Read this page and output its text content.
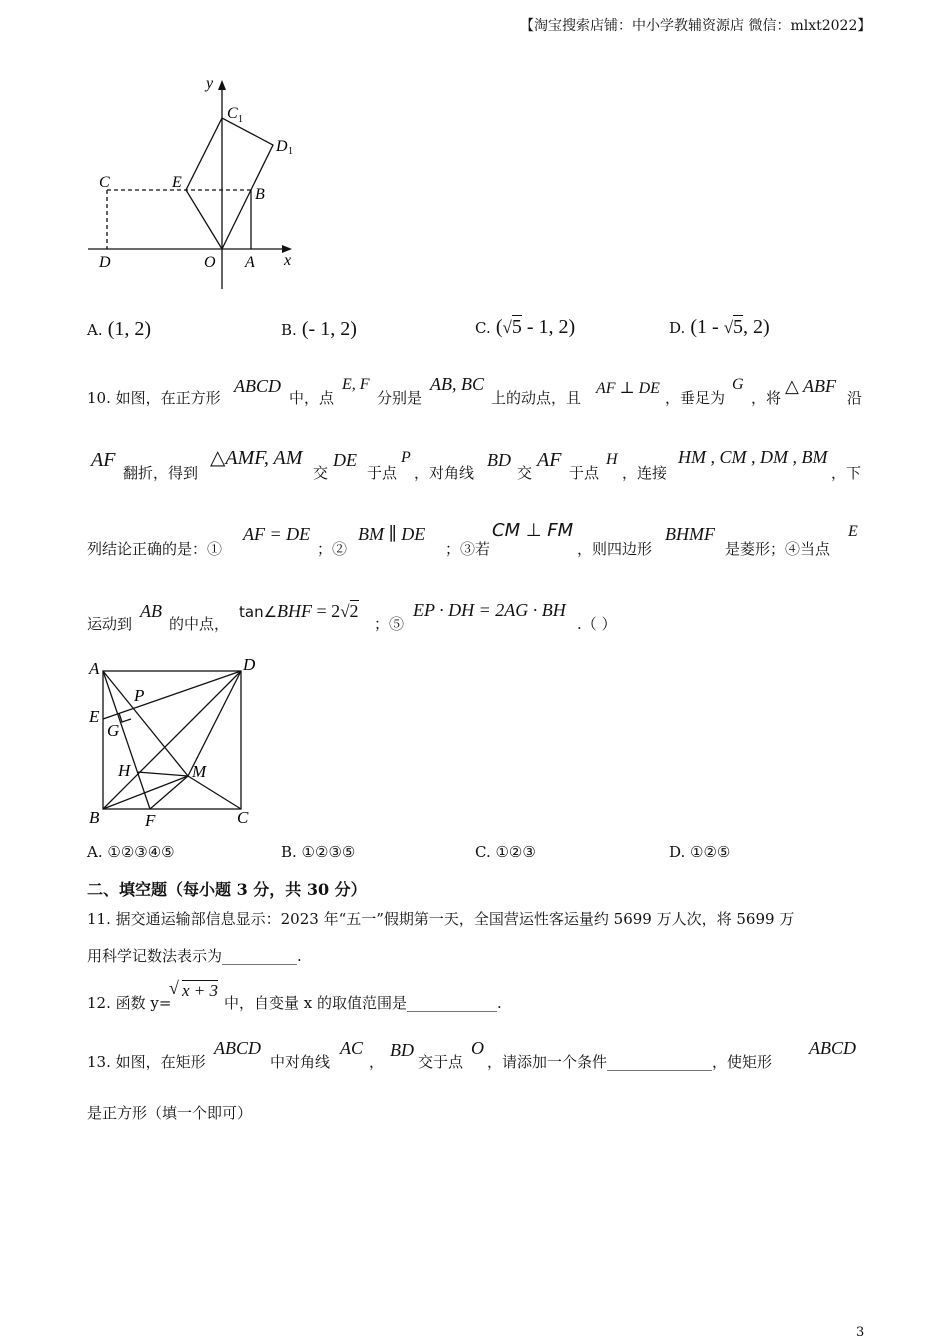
【淘宝搜索店铺：中小学教辅资源店 微信：mlxt2022】
y
x
C 1
D 1
C	E
B
D	O A
A. (1, 2)	B. (- 1, 2)	C. (√5 - 1, 2)	D. (1 - √5, 2)
10. 如图，在正方形
ABCD
中，点
E, F
分别是
AB, BC
上的动点，且
AF ⊥ DE
，垂足为
G
，将
△ ABF
沿
AF
翻折，得到
△AMF, AM
交
DE
于点
P
，对角线
BD
交
AF
于点
H
，连接
HM , CM , DM , BM
，下
列结论正确的是：①
AF = DE
；②
BM ∥ DE
；③若
CM ⊥ FM
，则四边形
BHMF
是菱形；④当点
E
运动到
AB
的中点，
tan∠BHF = 2√2
；⑤
EP · DH = 2AG · BH
.（ ）
A	D
P
E
G
H	M
B	F	C
A. ①②③④⑤	B. ①②③⑤	C. ①②③	D. ①②⑤
二、填空题（每小题 3 分，共 30 分）
11. 据交通运输部信息显示：2023 年“五一”假期第一天，全国营运性客运量约 5699 万人次，将 5699 万
用科学记数法表示为__________.
12. 函数 y=
√ x + 3
中，自变量 x 的取值范围是____________.
13. 如图，在矩形
ABCD
中对角线
AC
，
BD
交于点
O
，请添加一个条件______________，使矩形
ABCD
是正方形（填一个即可）
3
